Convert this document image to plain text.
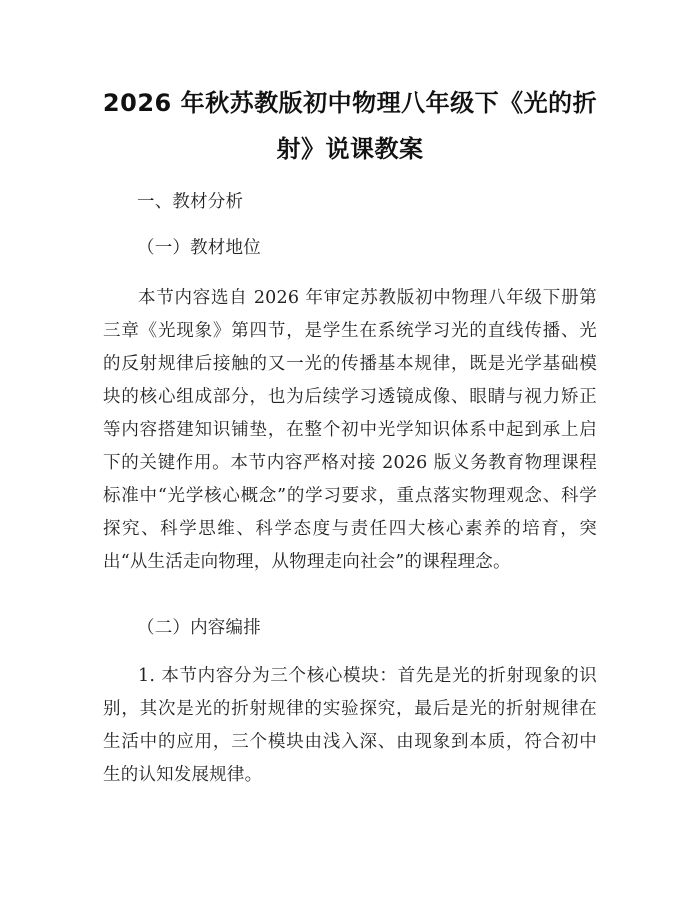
2026 年秋苏教版初中物理八年级下《光的折射》说课教案
一、教材分析
（一）教材地位
本节内容选自 2026 年审定苏教版初中物理八年级下册第三章《光现象》第四节，是学生在系统学习光的直线传播、光的反射规律后接触的又一光的传播基本规律，既是光学基础模块的核心组成部分，也为后续学习透镜成像、眼睛与视力矫正等内容搭建知识铺垫，在整个初中光学知识体系中起到承上启下的关键作用。本节内容严格对接 2026 版义务教育物理课程标准中“光学核心概念”的学习要求，重点落实物理观念、科学探究、科学思维、科学态度与责任四大核心素养的培育，突出“从生活走向物理，从物理走向社会”的课程理念。
（二）内容编排
1. 本节内容分为三个核心模块：首先是光的折射现象的识别，其次是光的折射规律的实验探究，最后是光的折射规律在生活中的应用，三个模块由浅入深、由现象到本质，符合初中生的认知发展规律。
